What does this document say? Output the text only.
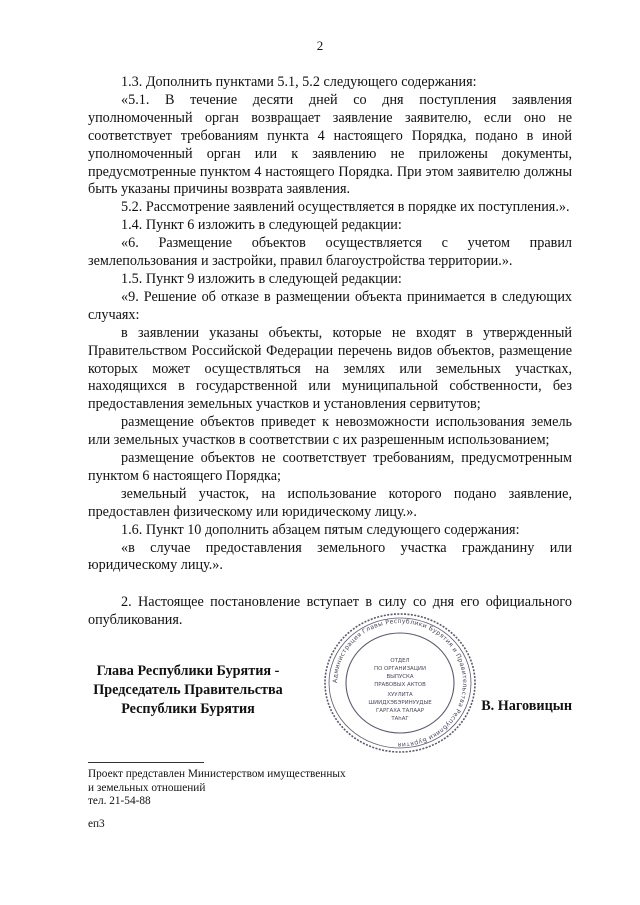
2

1.3. Дополнить пунктами 5.1, 5.2 следующего содержания:

«5.1. В течение десяти дней со дня поступления заявления уполномоченный орган возвращает заявление заявителю, если оно не соответствует требованиям пункта 4 настоящего Порядка, подано в иной уполномоченный орган или к заявлению не приложены документы, предусмотренные пунктом 4 настоящего Порядка. При этом заявителю должны быть указаны причины возврата заявления.

5.2. Рассмотрение заявлений осуществляется в порядке их поступления.».

1.4. Пункт 6 изложить в следующей редакции:

«6. Размещение объектов осуществляется с учетом правил землепользования и застройки, правил благоустройства территории.».

1.5. Пункт 9 изложить в следующей редакции:

«9. Решение об отказе в размещении объекта принимается в следующих случаях:

в заявлении указаны объекты, которые не входят в утвержденный Правительством Российской Федерации перечень видов объектов, размещение которых может осуществляться на землях или земельных участках, находящихся в государственной или муниципальной собственности, без предоставления земельных участков и установления сервитутов;

размещение объектов приведет к невозможности использования земель или земельных участков в соответствии с их разрешенным использованием;

размещение объектов не соответствует требованиям, предусмотренным пунктом 6 настоящего Порядка;

земельный участок, на использование которого подано заявление, предоставлен физическому или юридическому лицу.».

1.6. Пункт 10 дополнить абзацем пятым следующего содержания:

«в случае предоставления земельного участка гражданину или юридическому лицу.».

2. Настоящее постановление вступает в силу со дня его официального опубликования.

Глава Республики Бурятия -
Председатель Правительства
Республики Бурятия	В. Наговицын
Администрация Главы Республики Бурятия и Правительства Республики Бурятия
ОТДЕЛ
ПО ОРГАНИЗАЦИИ
ВЫПУСКА
ПРАВОВЫХ АКТОВ
ХУУЛИТА
ШИИДХЭБЭРИНУУДЫЕ
ГАРГАХА ТАЛААР
ТАhАГ
Проект представлен Министерством имущественных
и земельных отношений
тел. 21-54-88
еп3
